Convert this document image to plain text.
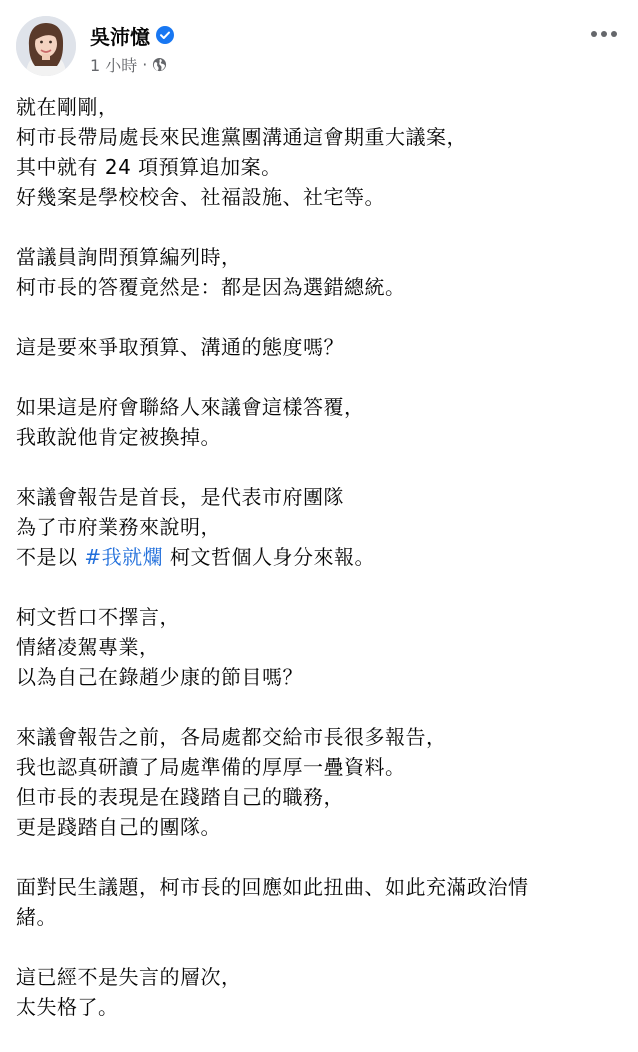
吳沛憶
1 小時 ·
就在剛剛，
柯市長帶局處長來民進黨團溝通這會期重大議案，
其中就有 24 項預算追加案。
好幾案是學校校舍、社福設施、社宅等。
當議員詢問預算編列時，
柯市長的答覆竟然是：都是因為選錯總統。
這是要來爭取預算、溝通的態度嗎？
如果這是府會聯絡人來議會這樣答覆，
我敢說他肯定被換掉。
來議會報告是首長，是代表市府團隊
為了市府業務來說明，
不是以 #我就爛 柯文哲個人身分來報。
柯文哲口不擇言，
情緒凌駕專業，
以為自己在錄趙少康的節目嗎？
來議會報告之前，各局處都交給市長很多報告，
我也認真研讀了局處準備的厚厚一疊資料。
但市長的表現是在踐踏自己的職務，
更是踐踏自己的團隊。
面對民生議題，柯市長的回應如此扭曲、如此充滿政治情
緒。
這已經不是失言的層次，
太失格了。
